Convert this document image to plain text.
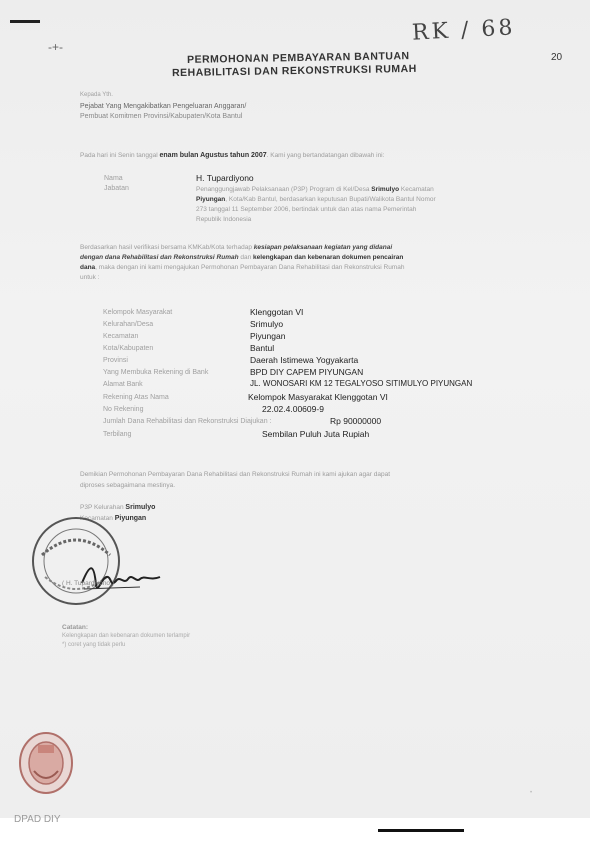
-+-
RK / 68
20
PERMOHONAN PEMBAYARAN BANTUAN
REHABILITASI DAN REKONSTRUKSI RUMAH
Kepada Yth.
Pejabat Yang Mengakibatkan Pengeluaran Anggaran/
Pembuat Komitmen Provinsi/Kabupaten/Kota Bantul
Pada hari ini Senin tanggal enam bulan Agustus tahun 2007. Kami yang bertandatangan dibawah ini:
Nama	H. Tupardiyono
Jabatan	Penanggungjawab Pelaksanaan (P3P) Program di Kel/Desa Srimulyo Kecamatan
Piyungan, Kota/Kab Bantul, berdasarkan keputusan Bupati/Walikota Bantul Nomor
273 tanggal 11 September 2006, bertindak untuk dan atas nama Pemerintah
Republik Indonesia
Berdasarkan hasil verifikasi bersama KMKab/Kota terhadap kesiapan pelaksanaan kegiatan yang didanai
dengan dana Rehabilitasi dan Rekonstruksi Rumah dan kelengkapan dan kebenaran dokumen pencairan
dana, maka dengan ini kami mengajukan Permohonan Pembayaran Dana Rehabilitasi dan Rekonstruksi Rumah
untuk :
Kelompok Masyarakat	Klenggotan VI
Kelurahan/Desa	Srimulyo
Kecamatan	Piyungan
Kota/Kabupaten	Bantul
Provinsi	Daerah Istimewa Yogyakarta
Yang Membuka Rekening di Bank	BPD DIY CAPEM PIYUNGAN
Alamat Bank	JL. WONOSARI KM 12 TEGALYOSO SITIMULYO PIYUNGAN
Rekening Atas Nama	Kelompok Masyarakat Klenggotan VI
No Rekening	22.02.4.00609-9
Jumlah Dana Rehabilitasi dan Rekonstruksi Diajukan :	Rp 90000000
Terbilang	Sembilan Puluh Juta Rupiah
Demikian Permohonan Pembayaran Dana Rehabilitasi dan Rekonstruksi Rumah ini kami ajukan agar dapat
diproses sebagaimana mestinya.
P3P Kelurahan Srimulyo
Kecamatan Piyungan
( H. Tupardiyono )
Catatan:
Kelengkapan dan kebenaran dokumen terlampir
*) coret yang tidak perlu
•
DPAD DIY
